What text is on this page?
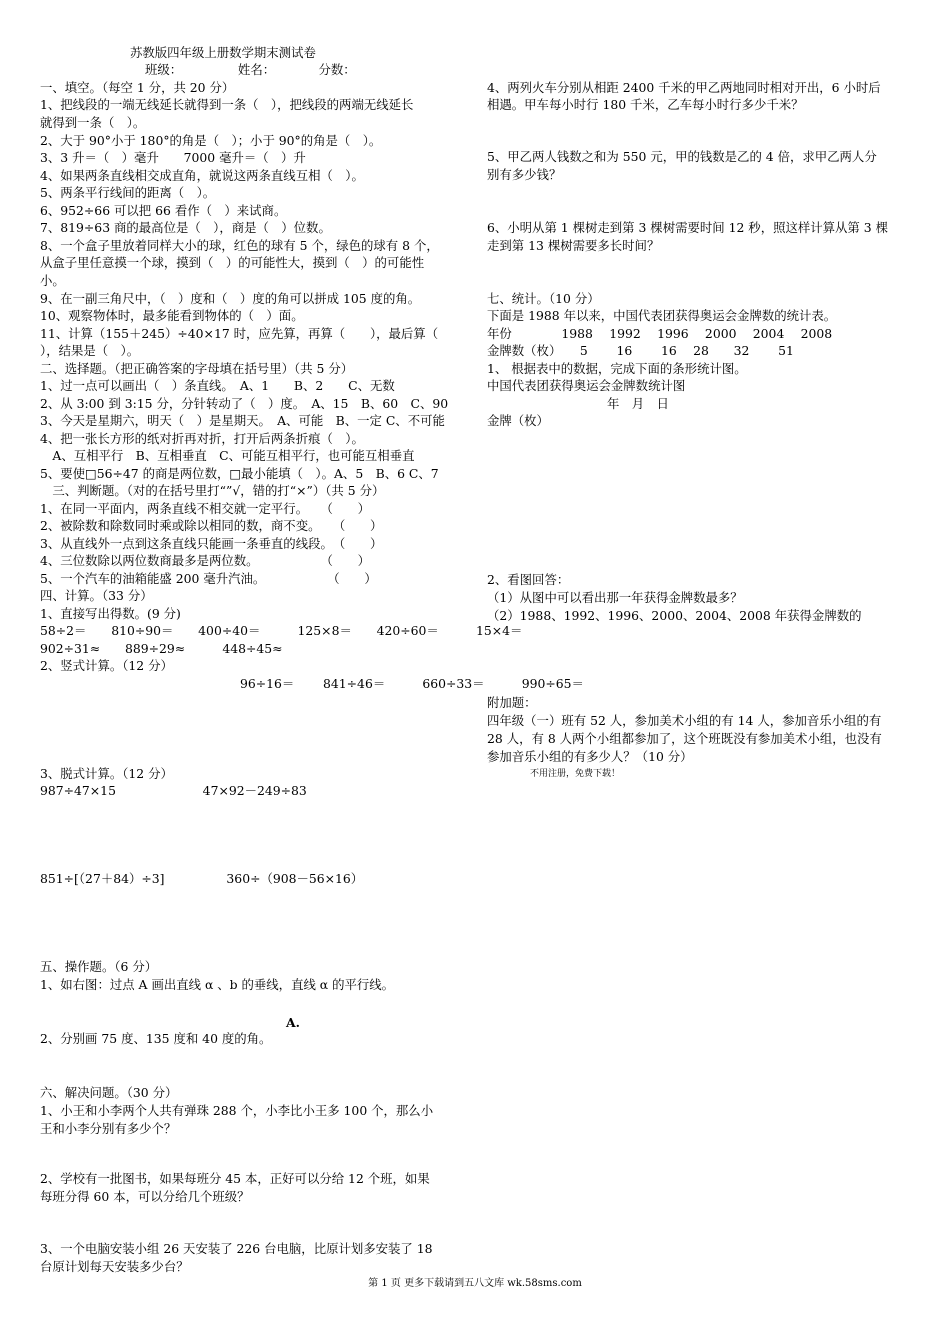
苏教版四年级上册数学期末测试卷
班级：　　　　　姓名：　　　　分数：
一、填空。（每空 1 分，共 20 分）
1、把线段的一端无线延长就得到一条（　），把线段的两端无线延长
就得到一条（　）。
2、大于 90°小于 180°的角是（　）；小于 90°的角是（　）。
3、3 升＝（　）毫升　　7000 毫升＝（　）升
4、如果两条直线相交成直角，就说这两条直线互相（　）。
5、两条平行线间的距离（　）。
6、952÷66 可以把 66 看作（　）来试商。
7、819÷63 商的最高位是（　），商是（　）位数。
8、一个盒子里放着同样大小的球，红色的球有 5 个，绿色的球有 8 个，
从盒子里任意摸一个球，摸到（　）的可能性大，摸到（　）的可能性
小。
9、在一副三角尺中，（　）度和（　）度的角可以拼成 105 度的角。
10、观察物体时，最多能看到物体的（　）面。
11、计算（155＋245）÷40×17 时，应先算，再算（　　），最后算（
），结果是（　）。
二、选择题。（把正确答案的字母填在括号里）（共 5 分）
1、过一点可以画出（　）条直线。　A、1　　B、2　　C、无数
2、从 3:00 到 3:15 分，分针转动了（　）度。　A、15　B、60　C、90
3、今天是星期六，明天（　）是星期天。　A、可能　B、一定 C、不可能
4、把一张长方形的纸对折再对折，打开后两条折痕（　）。
　A、互相平行　B、互相垂直　C、可能互相平行，也可能互相垂直
5、要使□56÷47 的商是两位数，□最小能填（　）。A、5　B、6 C、7
　三、判断题。（对的在括号里打“”√，错的打“×”）（共 5 分）
1、在同一平面内，两条直线不相交就一定平行。　　（　　）
2、被除数和除数同时乘或除以相同的数，商不变。　　（　　）
3、从直线外一点到这条直线只能画一条垂直的线段。　（　　）
4、三位数除以两位数商最多是两位数。　　　　　　（　　）
5、一个汽车的油箱能盛 200 毫升汽油。　　　　　　（　　）
四、计算。（33 分）
1、直接写出得数。(9 分)
58÷2＝　　810÷90＝　　400÷40＝　　　125×8＝　　420÷60＝　　　15×4＝
902÷31≈　　889÷29≈　　　448÷45≈
2、竖式计算。（12 分）
96÷16＝　　 841÷46＝　　　660÷33＝　　　990÷65＝
3、脱式计算。（12 分）
987÷47×15　　　　　　　47×92－249÷83
851÷[（27＋84）÷3]　　　　　360÷（908－56×16）
五、操作题。（6 分）
1、如右图：过点 A 画出直线 α 、b 的垂线，直线 α 的平行线。
A.
2、分别画 75 度、135 度和 40 度的角。
六、解决问题。（30 分）
1、小王和小李两个人共有弹珠 288 个，小李比小王多 100 个，那么小
王和小李分别有多少个？
2、学校有一批图书，如果每班分 45 本，正好可以分给 12 个班，如果
每班分得 60 本，可以分给几个班级？
3、一个电脑安装小组 26 天安装了 226 台电脑，比原计划多安装了 18
台原计划每天安装多少台？
4、两列火车分别从相距 2400 千米的甲乙两地同时相对开出，6 小时后
相遇。甲车每小时行 180 千米，乙车每小时行多少千米？
5、甲乙两人钱数之和为 550 元，甲的钱数是乙的 4 倍，求甲乙两人分
别有多少钱？
6、小明从第 1 棵树走到第 3 棵树需要时间 12 秒，照这样计算从第 3 棵
走到第 13 棵树需要多长时间？
七、统计。（10 分）
下面是 1988 年以来，中国代表团获得奥运会金牌数的统计表。
年份　　　　1988　 1992　 1996　 2000　 2004　 2008
金牌数（枚）　　5　　 16　　 16　 28　　32　　 51
1、 根据表中的数据，完成下面的条形统计图。
中国代表团获得奥运会金牌数统计图
年　月　日
金牌（枚）
2、看图回答：
（1）从图中可以看出那一年获得金牌数最多？
（2）1988、1992、1996、2000、2004、2008 年获得金牌数的
附加题：
四年级（一）班有 52 人，参加美术小组的有 14 人，参加音乐小组的有
28 人，有 8 人两个小组都参加了，这个班既没有参加美术小组，也没有
参加音乐小组的有多少人？（10 分）
不用注册，免费下载！
第 1 页 更多下载请到五八文库 wk.58sms.com
